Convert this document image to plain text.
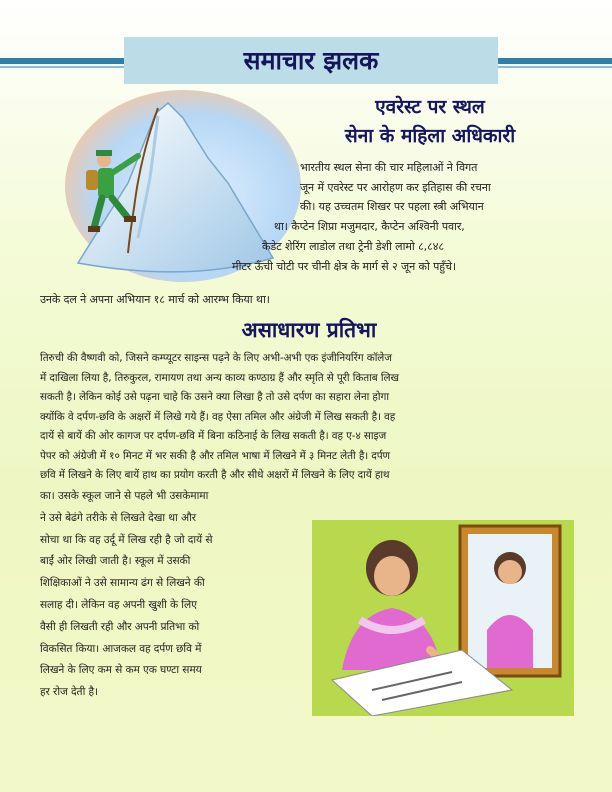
समाचार झलक
एवरेस्ट पर स्थल
सेना के महिला अधिकारी
भारतीय स्थल सेना की चार महिलाओं ने विगत
जून में एवरेस्ट पर आरोहण कर इतिहास की रचना
की। यह उच्चतम शिखर पर पहला स्त्री अभियान
था। कैप्टेन शिप्रा मजुमदार, कैप्टेन अश्विनी पवार,
कैडेट शेरिंग लाडोल तथा ट्रेनी डेशी लामो ८,८४८
मीटर ऊँची चोटी पर चीनी क्षेत्र के मार्ग से २ जून को पहुँचे।
उनके दल ने अपना अभियान १८ मार्च को आरम्भ किया था।
असाधारण प्रतिभा
तिरुची की वैष्णवी को, जिसने कम्प्यूटर साइन्स पढ़ने के लिए अभी-अभी एक इंजीनियरिंग कॉलेज
में दाखिला लिया है, तिरुकुरल, रामायण तथा अन्य काव्य कण्ठाग्र हैं और स्मृति से पूरी किताब लिख
सकती है। लेकिन कोई उसे पढ़ना चाहे कि उसने क्या लिखा है तो उसे दर्पण का सहारा लेना होगा
क्योंकि वे दर्पण-छवि के अक्षरों में लिखे गये हैं। वह ऐसा तमिल और अंग्रेजी में लिख सकती है। वह
दायें से बायें की ओर कागज पर दर्पण-छवि में बिना कठिनाई के लिख सकती है। वह ए-४ साइज
पेपर को अंग्रेजी में १० मिनट में भर सकी है और तमिल भाषा में लिखने में ३ मिनट लेती है। दर्पण
छवि में लिखने के लिए बायें हाथ का प्रयोग करती है और सीधे अक्षरों में लिखने के लिए दायें हाथ
का। उसके स्कूल जाने से पहले भी उसकेमामा
ने उसे बेढंगे तरीके से लिखते देखा था और
सोचा था कि वह उर्दू में लिख रही है जो दायें से
बाईं ओर लिखी जाती है। स्कूल में उसकी
शिक्षिकाओं ने उसे सामान्य ढंग से लिखने की
सलाह दी। लेकिन वह अपनी खुशी के लिए
वैसी ही लिखती रही और अपनी प्रतिभा को
विकसित किया। आजकल वह दर्पण छवि में
लिखने के लिए कम से कम एक घण्टा समय
हर रोज देती है।
